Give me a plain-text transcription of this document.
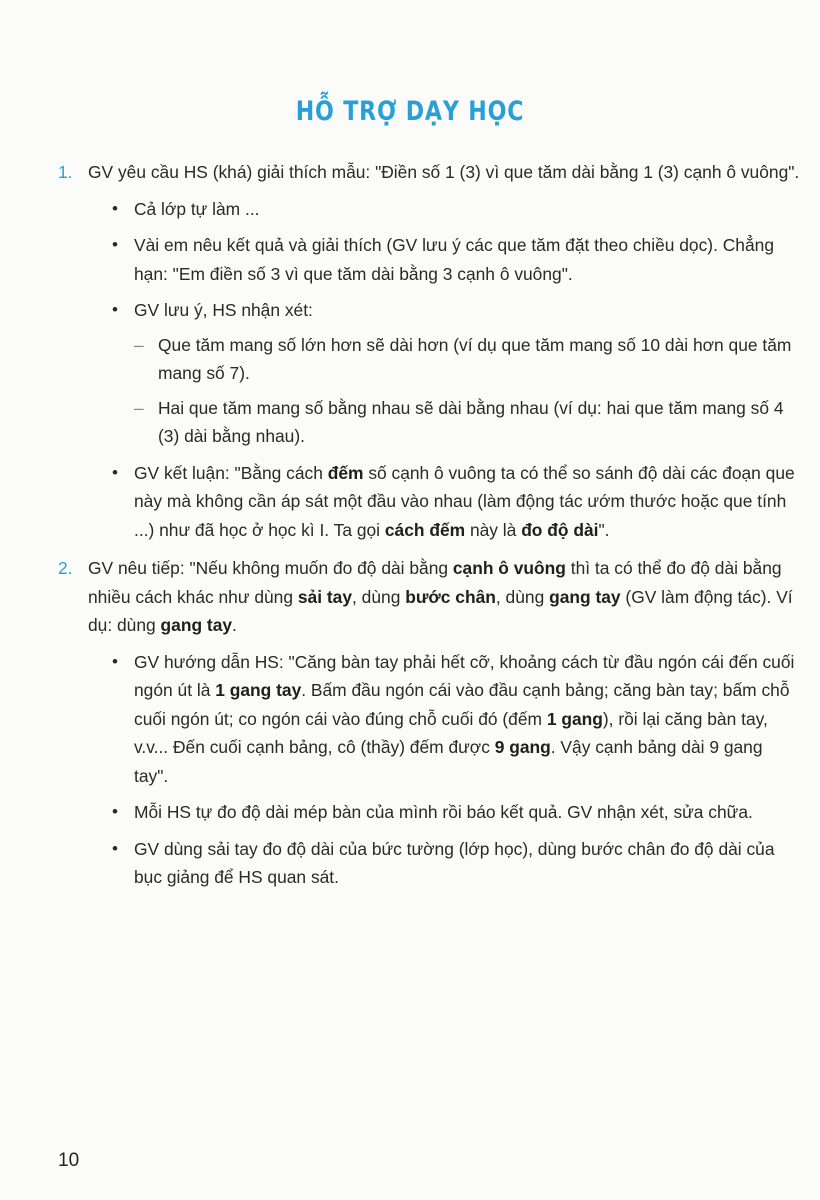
HỖ TRỢ DẠY HỌC
1. GV yêu cầu HS (khá) giải thích mẫu: "Điền số 1 (3) vì que tăm dài bằng 1 (3) cạnh ô vuông".
• Cả lớp tự làm ...
• Vài em nêu kết quả và giải thích (GV lưu ý các que tăm đặt theo chiều dọc). Chẳng hạn: "Em điền số 3 vì que tăm dài bằng 3 cạnh ô vuông".
• GV lưu ý, HS nhận xét:
– Que tăm mang số lớn hơn sẽ dài hơn (ví dụ que tăm mang số 10 dài hơn que tăm mang số 7).
– Hai que tăm mang số bằng nhau sẽ dài bằng nhau (ví dụ: hai que tăm mang số 4 (3) dài bằng nhau).
• GV kết luận: "Bằng cách đếm số cạnh ô vuông ta có thể so sánh độ dài các đoạn que này mà không cần áp sát một đầu vào nhau (làm động tác ướm thước hoặc que tính ...) như đã học ở học kì I. Ta gọi cách đếm này là đo độ dài".
2. GV nêu tiếp: "Nếu không muốn đo độ dài bằng cạnh ô vuông thì ta có thể đo độ dài bằng nhiều cách khác như dùng sải tay, dùng bước chân, dùng gang tay (GV làm động tác). Ví dụ: dùng gang tay.
• GV hướng dẫn HS: "Căng bàn tay phải hết cỡ, khoảng cách từ đầu ngón cái đến cuối ngón út là 1 gang tay. Bấm đầu ngón cái vào đầu cạnh bảng; căng bàn tay; bấm chỗ cuối ngón út; co ngón cái vào đúng chỗ cuối đó (đếm 1 gang), rồi lại căng bàn tay, v.v... Đến cuối cạnh bảng, cô (thầy) đếm được 9 gang. Vậy cạnh bảng dài 9 gang tay".
• Mỗi HS tự đo độ dài mép bàn của mình rồi báo kết quả. GV nhận xét, sửa chữa.
• GV dùng sải tay đo độ dài của bức tường (lớp học), dùng bước chân đo độ dài của bục giảng để HS quan sát.
10
